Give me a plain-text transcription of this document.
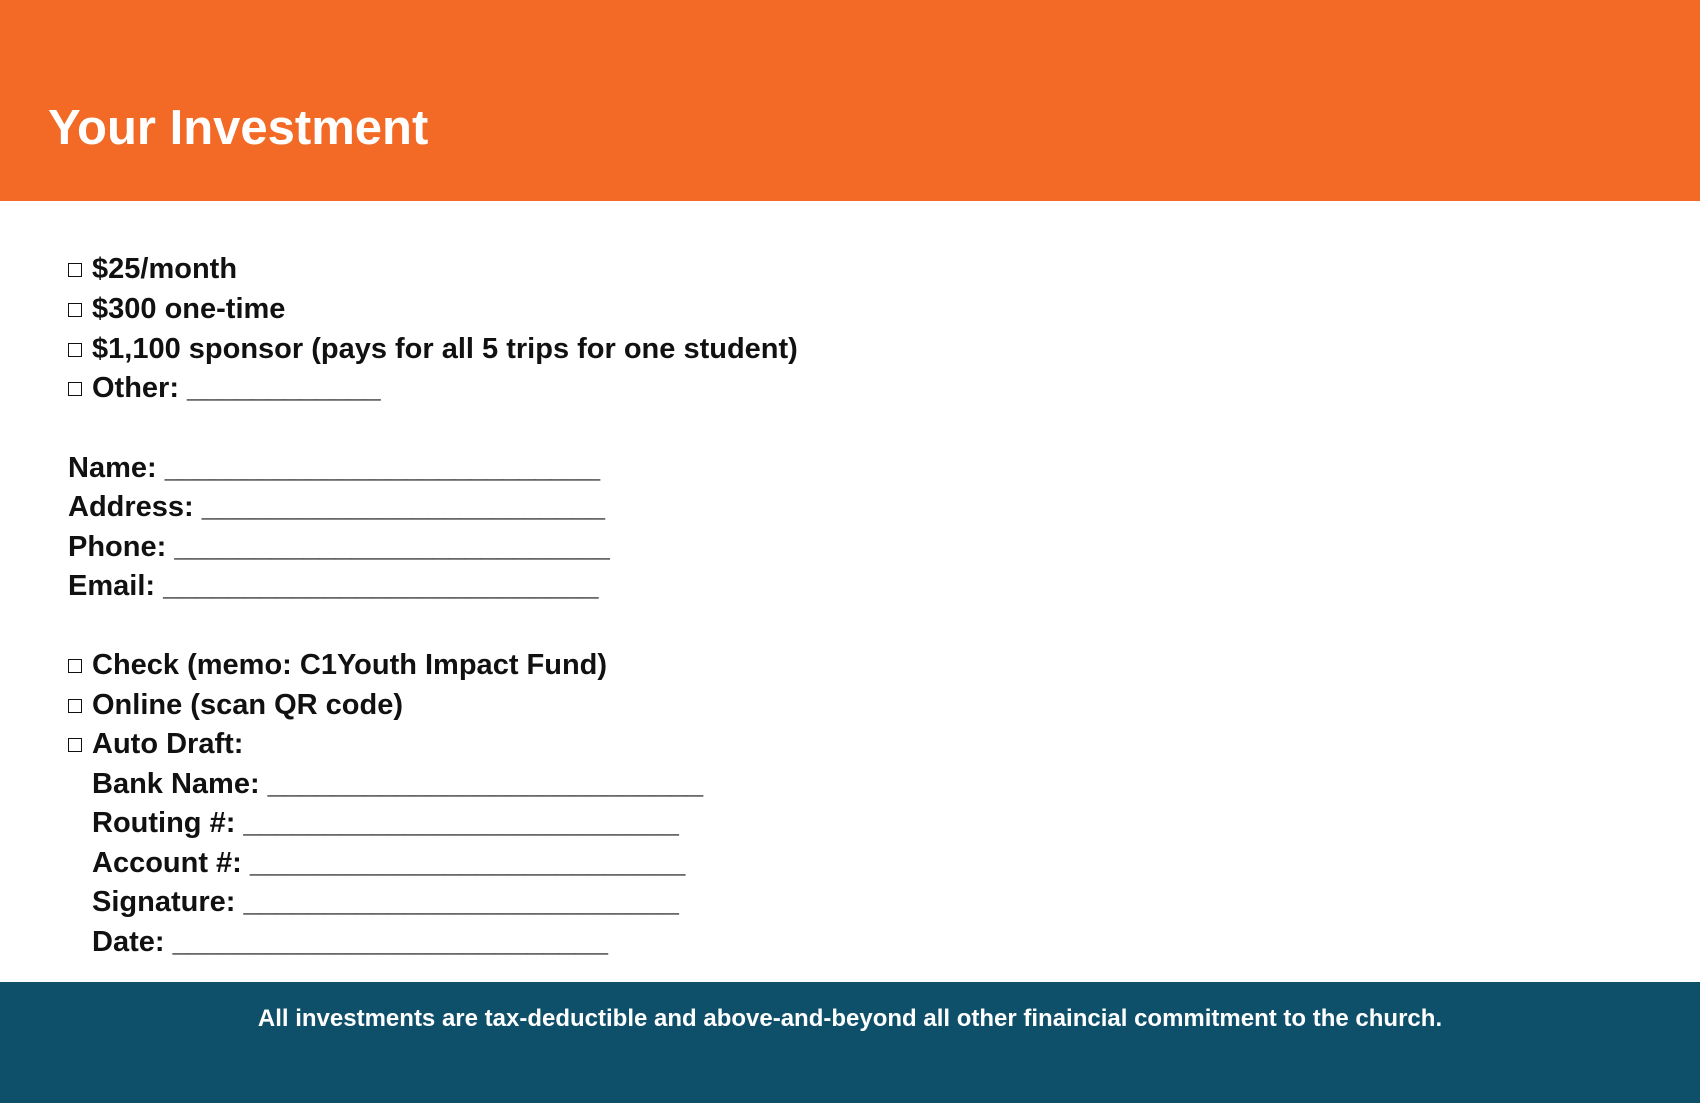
Your Investment
$25/month
$300 one-time
$1,100 sponsor (pays for all 5 trips for one student)
Other: ____________
Name: ___________________________
Address: _________________________
Phone: ___________________________
Email: ___________________________
Check (memo: C1Youth Impact Fund)
Online (scan QR code)
Auto Draft:
Bank Name: ___________________________
Routing #: ___________________________
Account #: ___________________________
Signature: ___________________________
Date: ___________________________

All investments are tax-deductible and above-and-beyond all other finaincial commitment to the church.
